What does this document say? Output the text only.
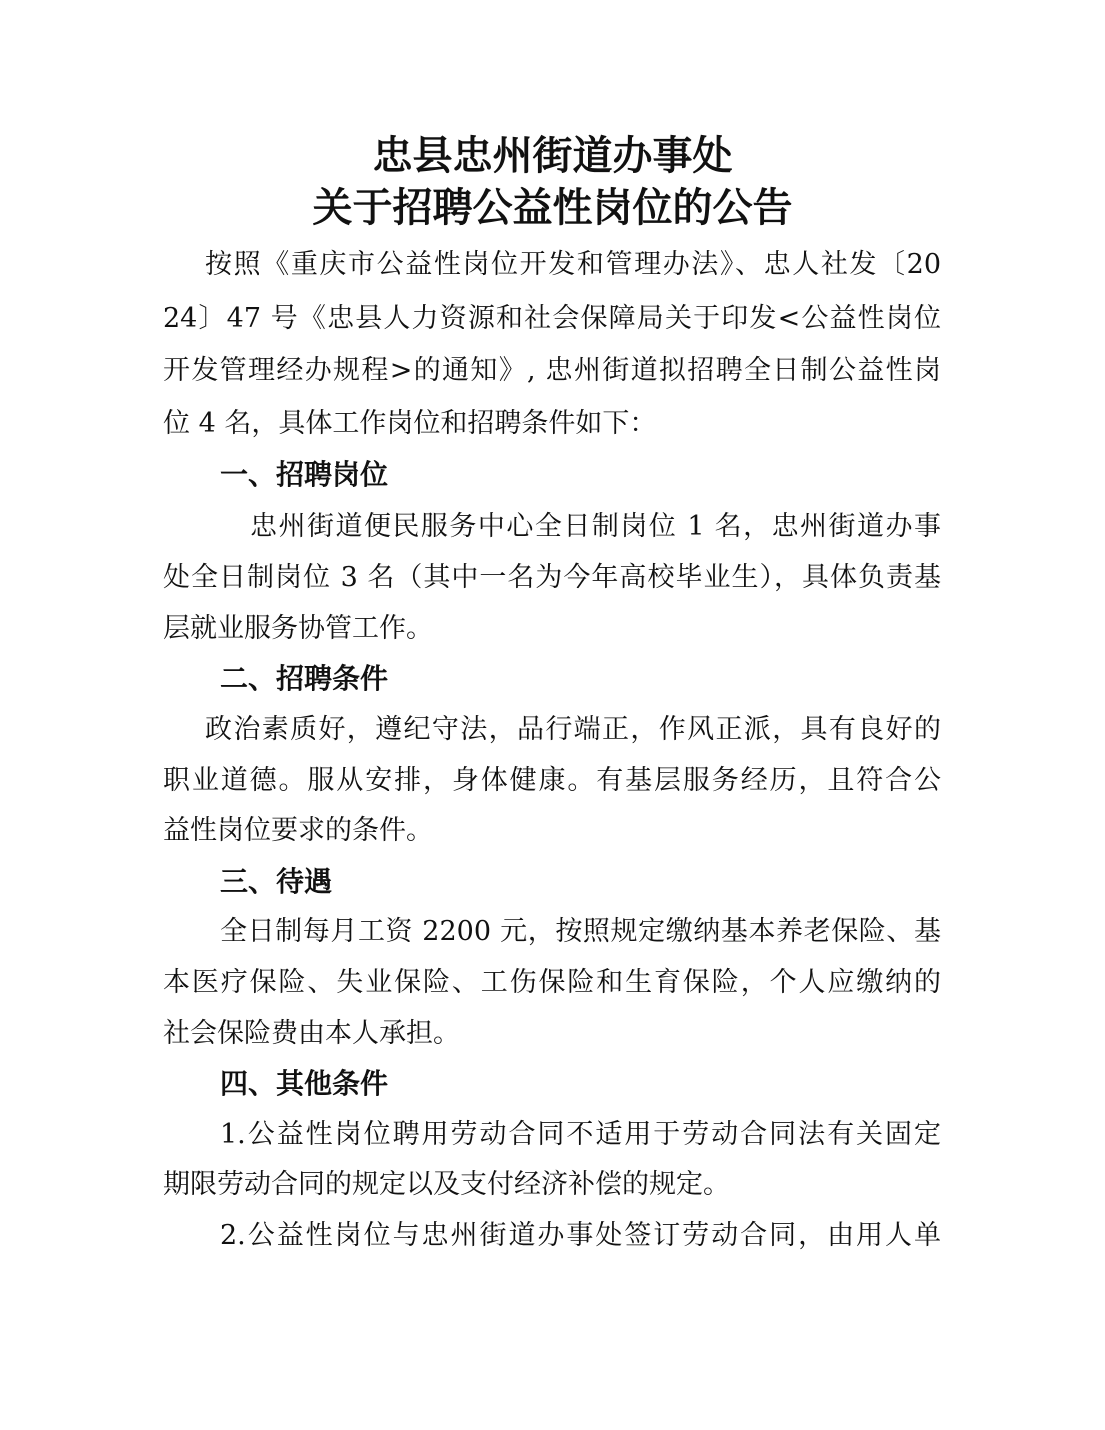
忠县忠州街道办事处
关于招聘公益性岗位的公告
按照《重庆市公益性岗位开发和管理办法》、忠人社发〔20
24〕47 号《忠县人力资源和社会保障局关于印发<公益性岗位
开发管理经办规程>的通知》, 忠州街道拟招聘全日制公益性岗
位 4 名，具体工作岗位和招聘条件如下：
一、招聘岗位
忠州街道便民服务中心全日制岗位 1 名，忠州街道办事
处全日制岗位 3 名（其中一名为今年高校毕业生），具体负责基
层就业服务协管工作。
二、招聘条件
政治素质好，遵纪守法，品行端正，作风正派，具有良好的
职业道德。服从安排，身体健康。有基层服务经历，且符合公
益性岗位要求的条件。
三、待遇
全日制每月工资 2200 元，按照规定缴纳基本养老保险、基
本医疗保险、失业保险、工伤保险和生育保险，个人应缴纳的
社会保险费由本人承担。
四、其他条件
1.公益性岗位聘用劳动合同不适用于劳动合同法有关固定
期限劳动合同的规定以及支付经济补偿的规定。
2.公益性岗位与忠州街道办事处签订劳动合同，由用人单
